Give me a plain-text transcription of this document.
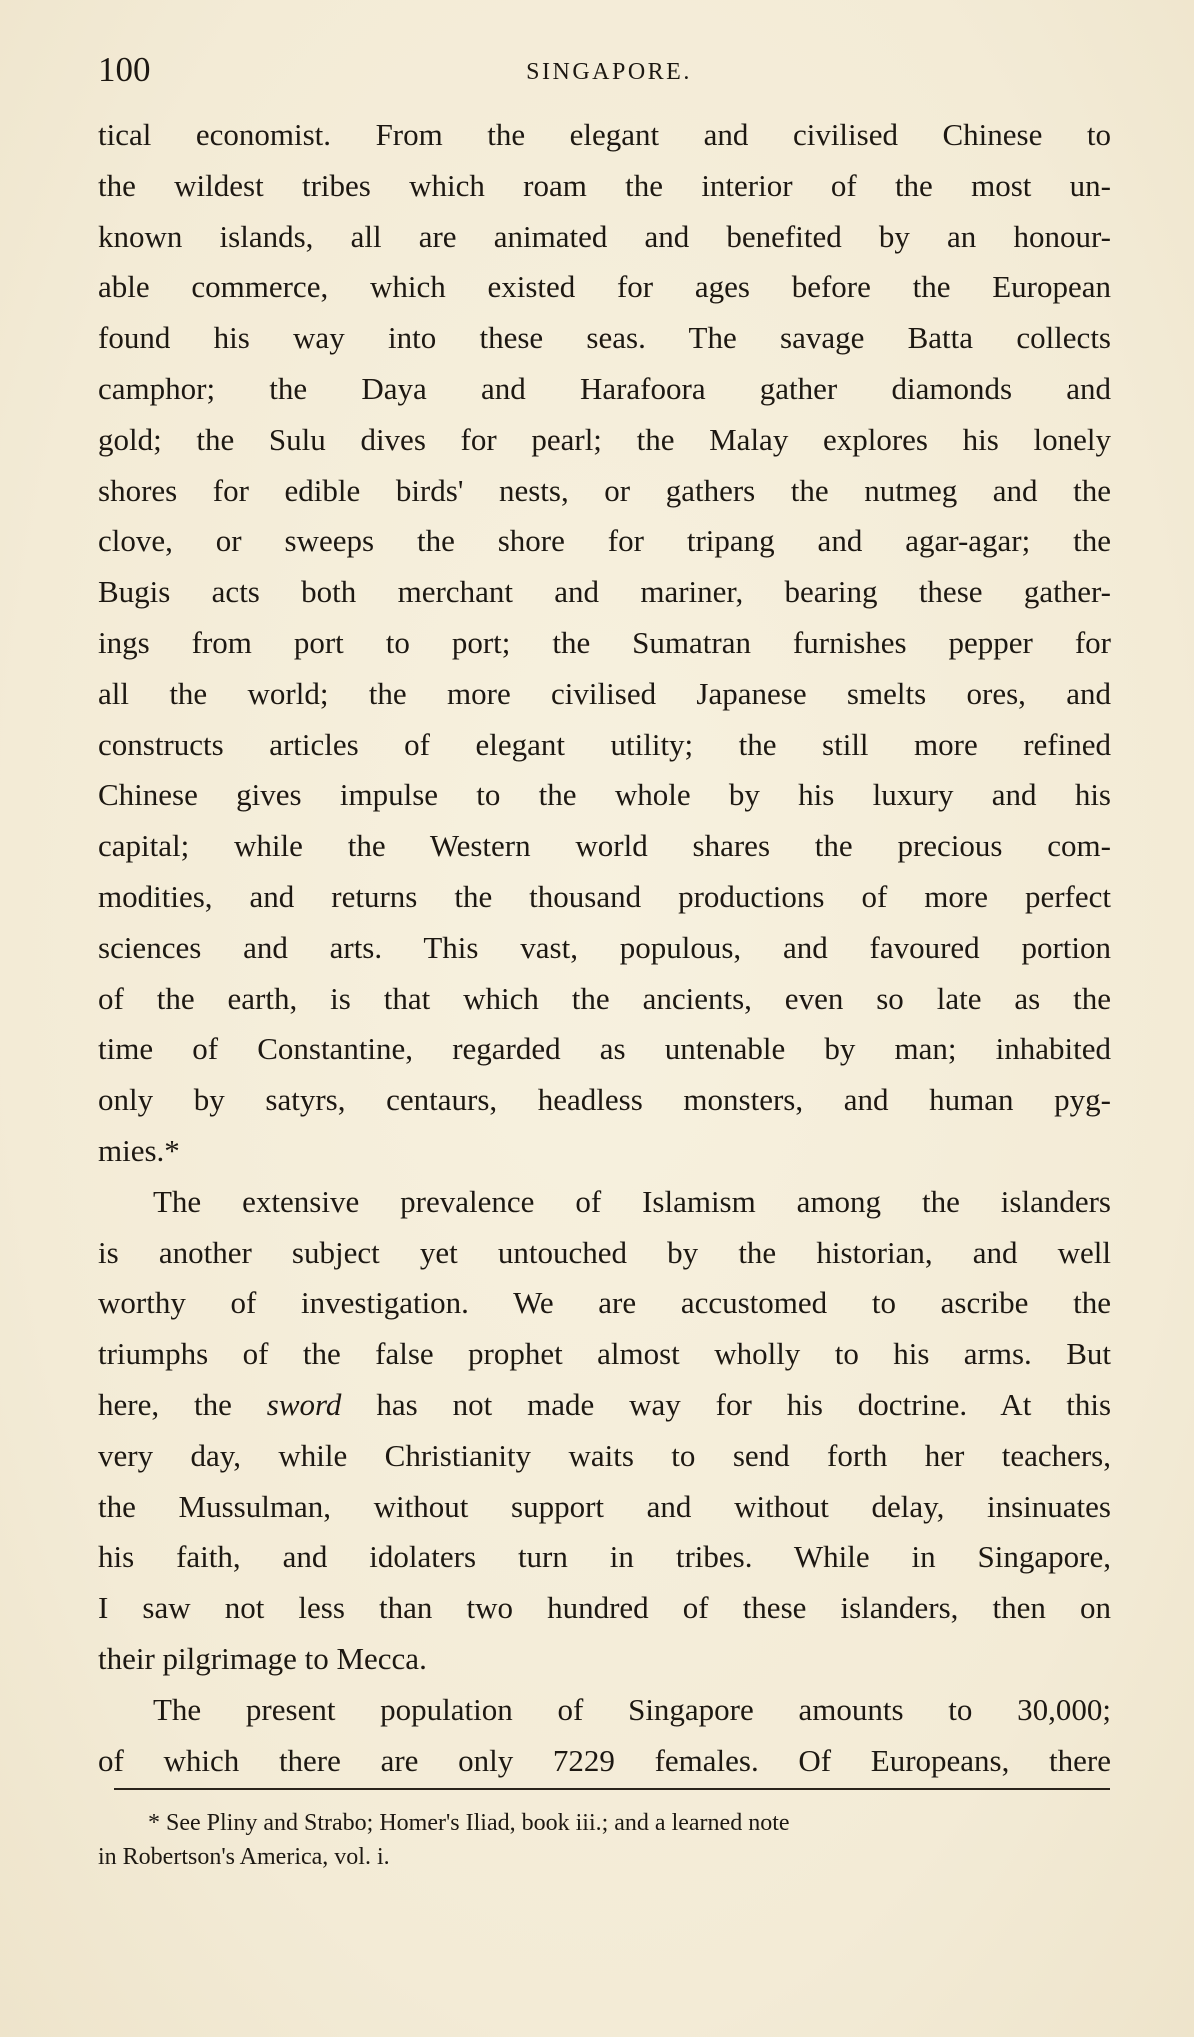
100	SINGAPORE.
tical economist. From the elegant and civilised Chinese to
the wildest tribes which roam the interior of the most un-
known islands, all are animated and benefited by an honour-
able commerce, which existed for ages before the European
found his way into these seas. The savage Batta collects
camphor; the Daya and Harafoora gather diamonds and
gold; the Sulu dives for pearl; the Malay explores his lonely
shores for edible birds' nests, or gathers the nutmeg and the
clove, or sweeps the shore for tripang and agar-agar; the
Bugis acts both merchant and mariner, bearing these gather-
ings from port to port; the Sumatran furnishes pepper for
all the world; the more civilised Japanese smelts ores, and
constructs articles of elegant utility; the still more refined
Chinese gives impulse to the whole by his luxury and his
capital; while the Western world shares the precious com-
modities, and returns the thousand productions of more perfect
sciences and arts. This vast, populous, and favoured portion
of the earth, is that which the ancients, even so late as the
time of Constantine, regarded as untenable by man; inhabited
only by satyrs, centaurs, headless monsters, and human pyg-
mies.*
The extensive prevalence of Islamism among the islanders
is another subject yet untouched by the historian, and well
worthy of investigation. We are accustomed to ascribe the
triumphs of the false prophet almost wholly to his arms. But
here, the sword has not made way for his doctrine. At this
very day, while Christianity waits to send forth her teachers,
the Mussulman, without support and without delay, insinuates
his faith, and idolaters turn in tribes. While in Singapore,
I saw not less than two hundred of these islanders, then on
their pilgrimage to Mecca.
The present population of Singapore amounts to 30,000;
of which there are only 7229 females. Of Europeans, there
* See Pliny and Strabo; Homer's Iliad, book iii.; and a learned note
in Robertson's America, vol. i.
